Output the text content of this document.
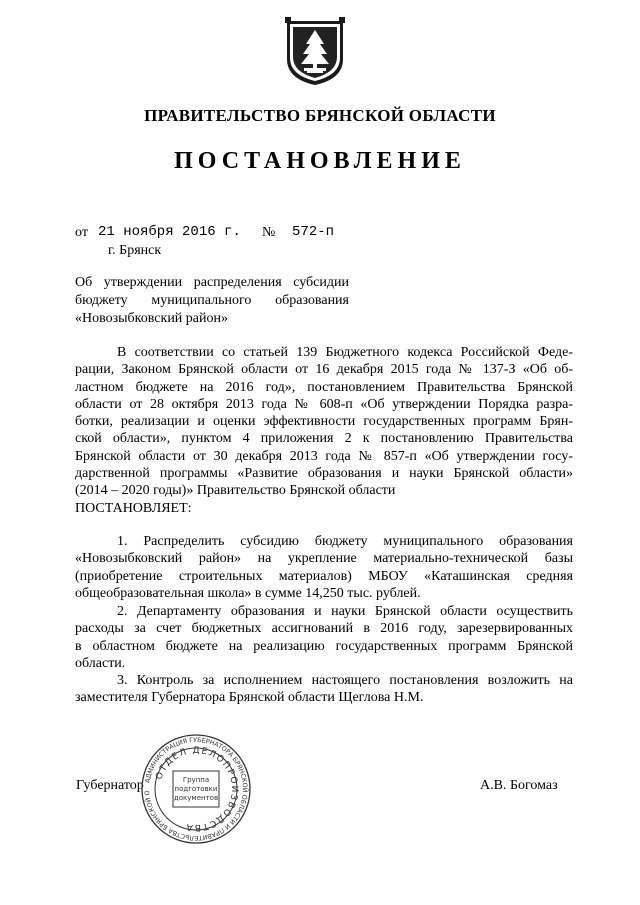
ПРАВИТЕЛЬСТВО БРЯНСКОЙ ОБЛАСТИ
ПОСТАНОВЛЕНИЕ
от 21 ноября 2016 г. № 572-п
г. Брянск
Об утверждении распределения субсидии
бюджету муниципального образования
«Новозыбковский район»
В соответствии со статьей 139 Бюджетного кодекса Российской Феде-
рации, Законом Брянской области от 16 декабря 2015 года № 137-З «Об об-
ластном бюджете на 2016 год», постановлением Правительства Брянской
области от 28 октября 2013 года № 608-п «Об утверждении Порядка разра-
ботки, реализации и оценки эффективности государственных программ Брян-
ской области», пунктом 4 приложения 2 к постановлению Правительства
Брянской области от 30 декабря 2013 года № 857-п «Об утверждении госу-
дарственной программы «Развитие образования и науки Брянской области»
(2014 – 2020 годы)» Правительство Брянской области
ПОСТАНОВЛЯЕТ:
1. Распределить субсидию бюджету муниципального образования
«Новозыбковский район» на укрепление материально-технической базы
(приобретение строительных материалов) МБОУ «Каташинская средняя
общеобразовательная школа» в сумме 14,250 тыс. рублей.
2. Департаменту образования и науки Брянской области осуществить
расходы за счет бюджетных ассигнований в 2016 году, зарезервированных
в областном бюджете на реализацию государственных программ Брянской
области.
3. Контроль за исполнением настоящего постановления возложить на
заместителя Губернатора Брянской области Щеглова Н.М.
Губернатор	А.В. Богомаз
АДМИНИСТРАЦИЯ ГУБЕРНАТОРА БРЯНСКОЙ ОБЛАСТИ И ПРАВИТЕЛЬСТВА БРЯНСКОЙ О
ОТДЕЛ ДЕЛОПРОИЗВОДСТВА
Группа
подготовки
документов
